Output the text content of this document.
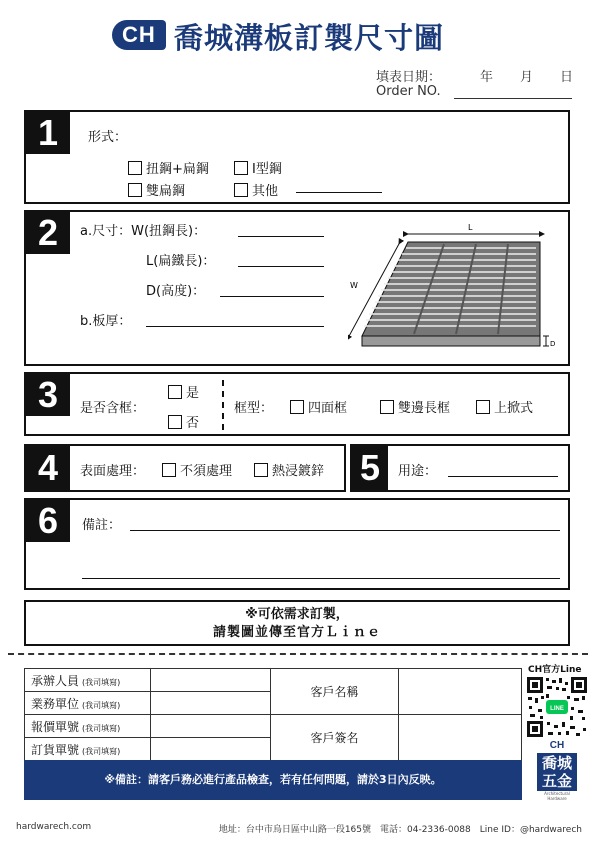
CH 喬城溝板訂製尺寸圖
填表日期：	年 月 日
Order NO.
1	形式：
扭鋼+扁鋼	I型鋼
雙扁鋼	其他
2	a.尺寸：W(扭鋼長)：
L(扁鐵長)：
D(高度)：
b.板厚：
L
W
D
3	是否含框：
是
否
框型：	四面框	雙邊長框	上掀式
4	表面處理：	不須處理	熱浸鍍鋅 5	用途：
6	備註：
※可依需求訂製，
請製圖並傳至官方Ｌｉｎｅ
承辦人員 (我司填寫)		客戶名稱	
業務單位 (我司填寫)			
報價單號 (我司填寫)		客戶簽名	
訂貨單號 (我司填寫)			
※備註：請客戶務必進行產品檢查，若有任何問題，請於3日內反映。
CH官方Line
LINE
CH
喬城
五金
Architectural Hardware
hardwarech.com	地址：台中市烏日區中山路一段165號　電話：04-2336-0088　Line ID：@hardwarech
